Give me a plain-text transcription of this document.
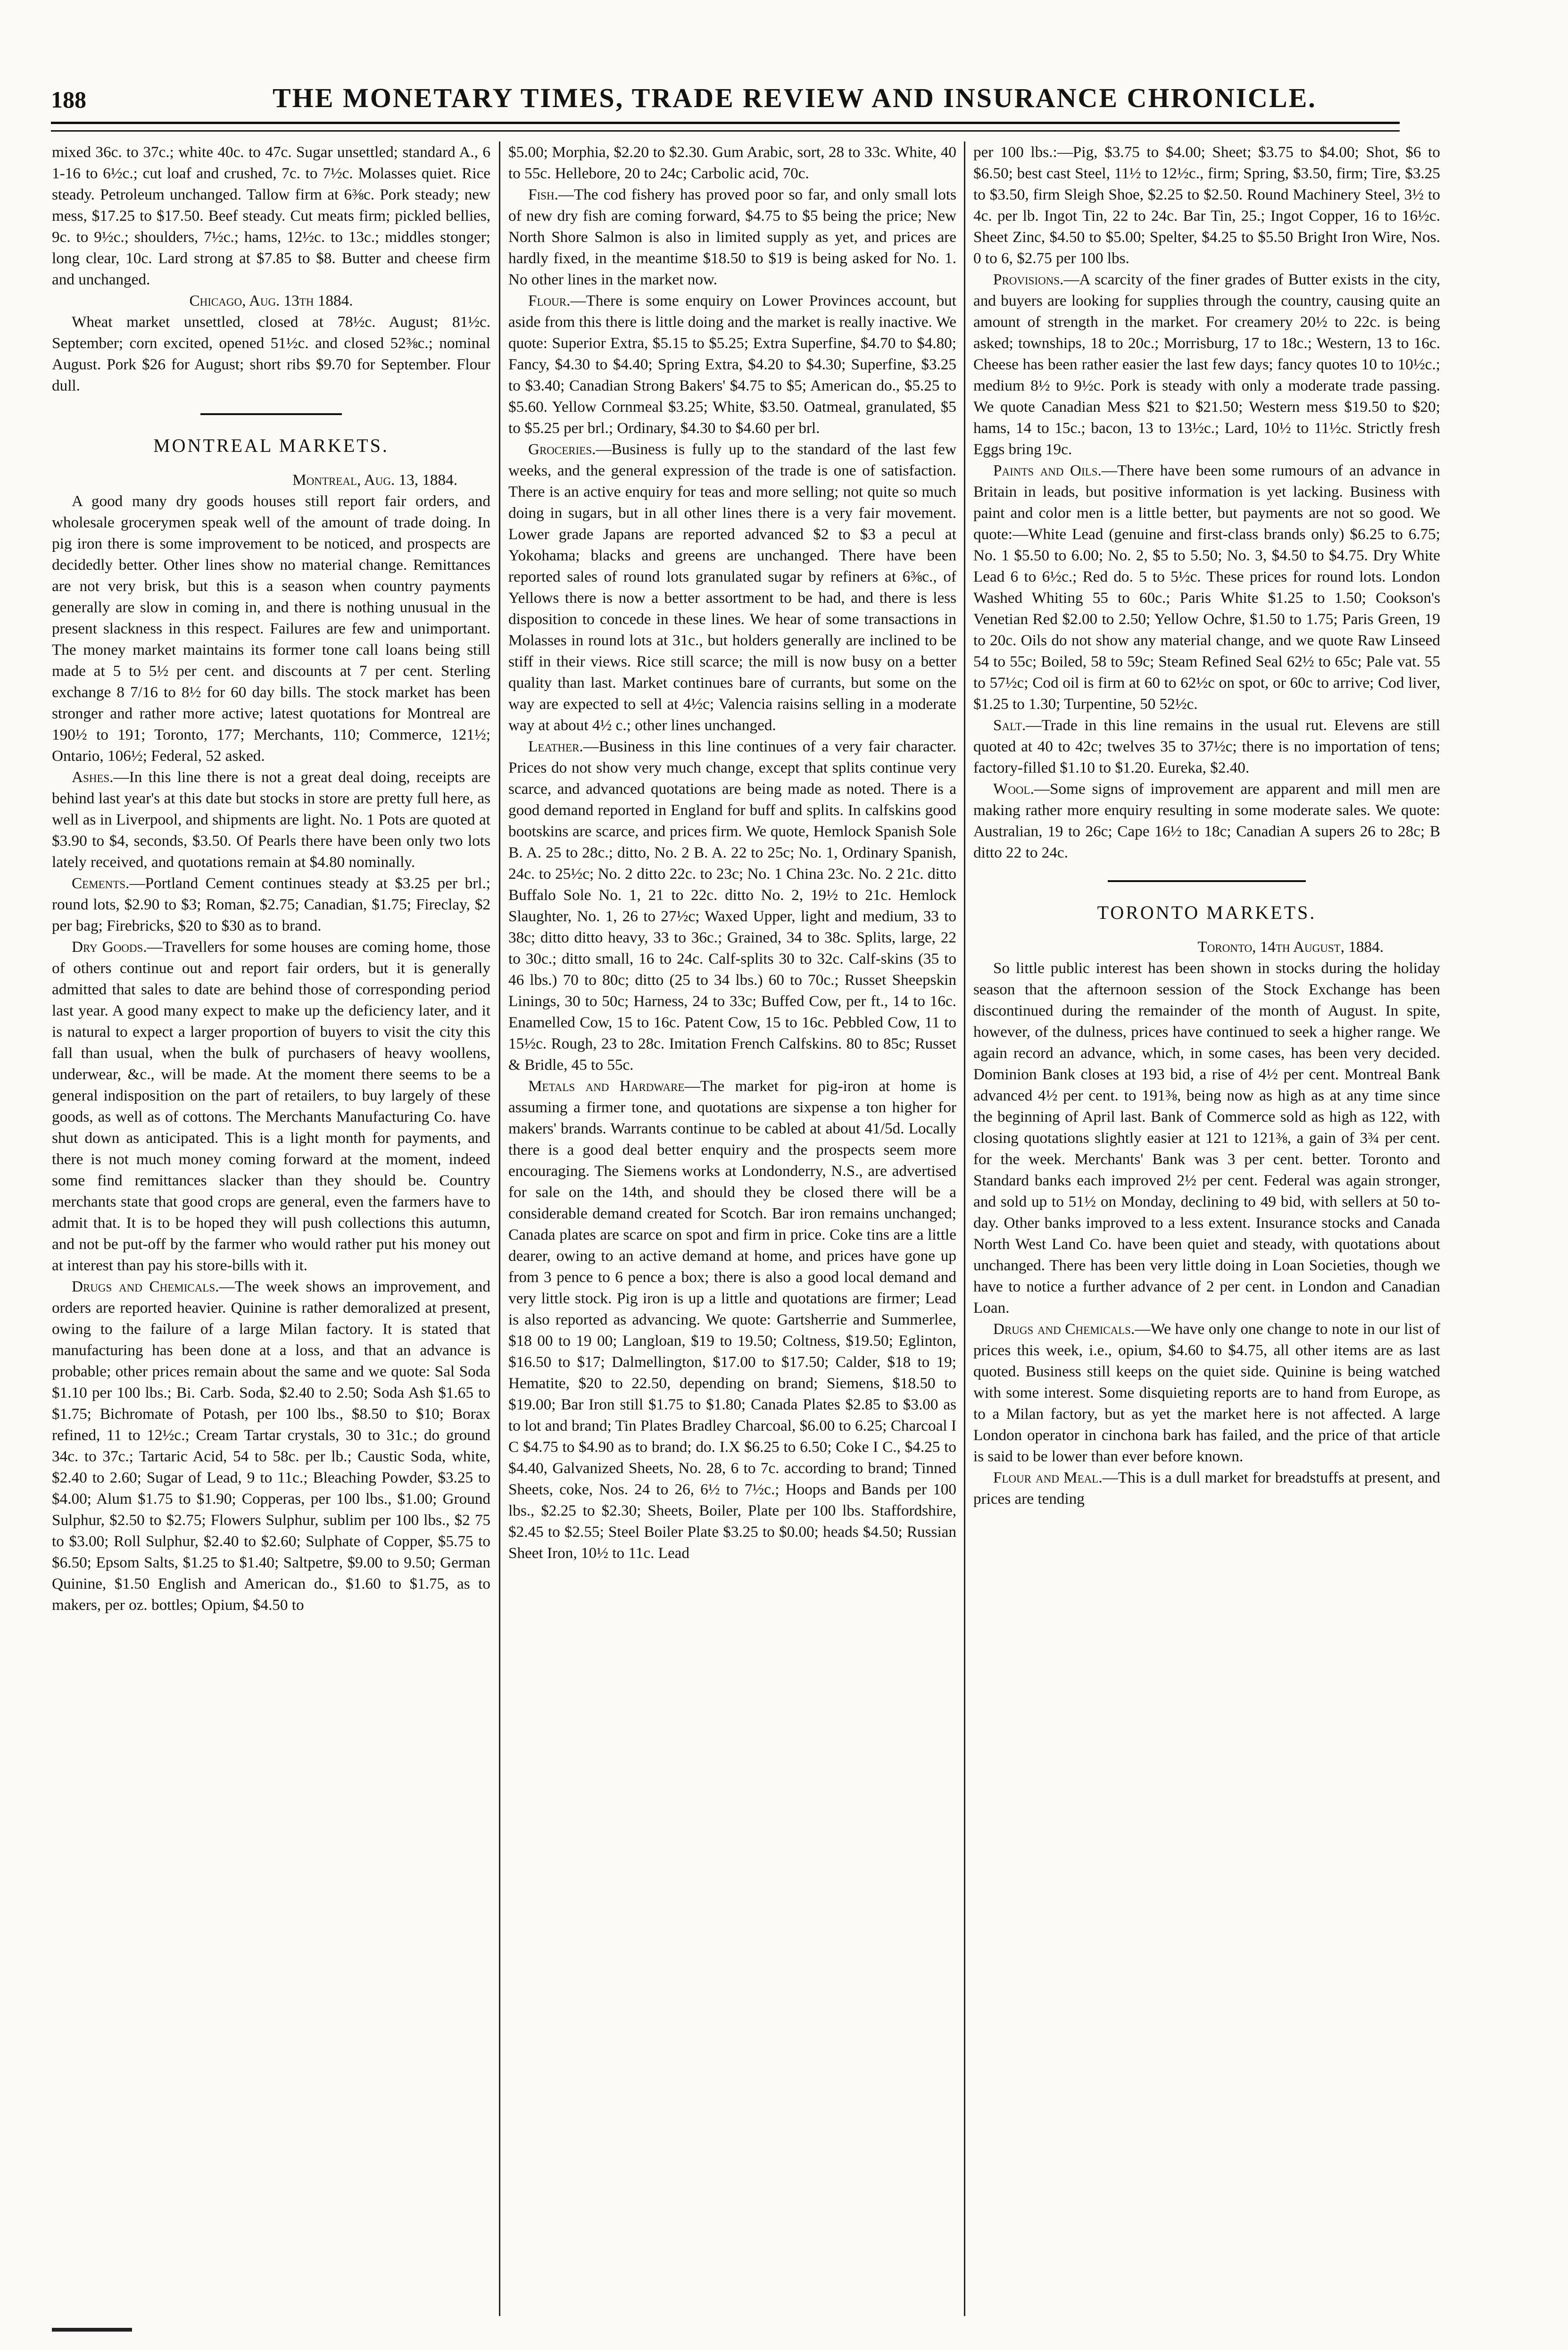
188	THE MONETARY TIMES, TRADE REVIEW AND INSURANCE CHRONICLE.

mixed 36c. to 37c.; white 40c. to 47c. Sugar unsettled; standard A., 6 1-16 to 6½c.; cut loaf and crushed, 7c. to 7½c. Molasses quiet. Rice steady. Petroleum unchanged. Tallow firm at 6⅜c. Pork steady; new mess, $17.25 to $17.50. Beef steady. Cut meats firm; pickled bellies, 9c. to 9½c.; shoulders, 7½c.; hams, 12½c. to 13c.; middles stonger; long clear, 10c. Lard strong at $7.85 to $8. Butter and cheese firm and unchanged.

Chicago, Aug. 13th 1884.

Wheat market unsettled, closed at 78½c. August; 81½c. September; corn excited, opened 51½c. and closed 52⅜c.; nominal August. Pork $26 for August; short ribs $9.70 for September. Flour dull.

MONTREAL MARKETS.

Montreal, Aug. 13, 1884.

A good many dry goods houses still report fair orders, and wholesale grocerymen speak well of the amount of trade doing. In pig iron there is some improvement to be noticed, and prospects are decidedly better. Other lines show no material change. Remittances are not very brisk, but this is a season when country payments generally are slow in coming in, and there is nothing unusual in the present slackness in this respect. Failures are few and unimportant. The money market maintains its former tone call loans being still made at 5 to 5½ per cent. and discounts at 7 per cent. Sterling exchange 8 7/16 to 8½ for 60 day bills. The stock market has been stronger and rather more active; latest quotations for Montreal are 190½ to 191; Toronto, 177; Merchants, 110; Commerce, 121½; Ontario, 106½; Federal, 52 asked.

Ashes.—In this line there is not a great deal doing, receipts are behind last year's at this date but stocks in store are pretty full here, as well as in Liverpool, and shipments are light. No. 1 Pots are quoted at $3.90 to $4, seconds, $3.50. Of Pearls there have been only two lots lately received, and quotations remain at $4.80 nominally.

Cements.—Portland Cement continues steady at $3.25 per brl.; round lots, $2.90 to $3; Roman, $2.75; Canadian, $1.75; Fireclay, $2 per bag; Firebricks, $20 to $30 as to brand.

Dry Goods.—Travellers for some houses are coming home, those of others continue out and report fair orders, but it is generally admitted that sales to date are behind those of corresponding period last year. A good many expect to make up the deficiency later, and it is natural to expect a larger proportion of buyers to visit the city this fall than usual, when the bulk of purchasers of heavy woollens, underwear, &c., will be made. At the moment there seems to be a general indisposition on the part of retailers, to buy largely of these goods, as well as of cottons. The Merchants Manufacturing Co. have shut down as anticipated. This is a light month for payments, and there is not much money coming forward at the moment, indeed some find remittances slacker than they should be. Country merchants state that good crops are general, even the farmers have to admit that. It is to be hoped they will push collections this autumn, and not be put-off by the farmer who would rather put his money out at interest than pay his store-bills with it.

Drugs and Chemicals.—The week shows an improvement, and orders are reported heavier. Quinine is rather demoralized at present, owing to the failure of a large Milan factory. It is stated that manufacturing has been done at a loss, and that an advance is probable; other prices remain about the same and we quote: Sal Soda $1.10 per 100 lbs.; Bi. Carb. Soda, $2.40 to 2.50; Soda Ash $1.65 to $1.75; Bichromate of Potash, per 100 lbs., $8.50 to $10; Borax refined, 11 to 12½c.; Cream Tartar crystals, 30 to 31c.; do ground 34c. to 37c.; Tartaric Acid, 54 to 58c. per lb.; Caustic Soda, white, $2.40 to 2.60; Sugar of Lead, 9 to 11c.; Bleaching Powder, $3.25 to $4.00; Alum $1.75 to $1.90; Copperas, per 100 lbs., $1.00; Ground Sulphur, $2.50 to $2.75; Flowers Sulphur, sublim per 100 lbs., $2 75 to $3.00; Roll Sulphur, $2.40 to $2.60; Sulphate of Copper, $5.75 to $6.50; Epsom Salts, $1.25 to $1.40; Saltpetre, $9.00 to 9.50; German Quinine, $1.50 English and American do., $1.60 to $1.75, as to makers, per oz. bottles; Opium, $4.50 to

$5.00; Morphia, $2.20 to $2.30. Gum Arabic, sort, 28 to 33c. White, 40 to 55c. Hellebore, 20 to 24c; Carbolic acid, 70c.

Fish.—The cod fishery has proved poor so far, and only small lots of new dry fish are coming forward, $4.75 to $5 being the price; New North Shore Salmon is also in limited supply as yet, and prices are hardly fixed, in the meantime $18.50 to $19 is being asked for No. 1. No other lines in the market now.

Flour.—There is some enquiry on Lower Provinces account, but aside from this there is little doing and the market is really inactive. We quote: Superior Extra, $5.15 to $5.25; Extra Superfine, $4.70 to $4.80; Fancy, $4.30 to $4.40; Spring Extra, $4.20 to $4.30; Superfine, $3.25 to $3.40; Canadian Strong Bakers' $4.75 to $5; American do., $5.25 to $5.60. Yellow Cornmeal $3.25; White, $3.50. Oatmeal, granulated, $5 to $5.25 per brl.; Ordinary, $4.30 to $4.60 per brl.

Groceries.—Business is fully up to the standard of the last few weeks, and the general expression of the trade is one of satisfaction. There is an active enquiry for teas and more selling; not quite so much doing in sugars, but in all other lines there is a very fair movement. Lower grade Japans are reported advanced $2 to $3 a pecul at Yokohama; blacks and greens are unchanged. There have been reported sales of round lots granulated sugar by refiners at 6⅜c., of Yellows there is now a better assortment to be had, and there is less disposition to concede in these lines. We hear of some transactions in Molasses in round lots at 31c., but holders generally are inclined to be stiff in their views. Rice still scarce; the mill is now busy on a better quality than last. Market continues bare of currants, but some on the way are expected to sell at 4½c; Valencia raisins selling in a moderate way at about 4½ c.; other lines unchanged.

Leather.—Business in this line continues of a very fair character. Prices do not show very much change, except that splits continue very scarce, and advanced quotations are being made as noted. There is a good demand reported in England for buff and splits. In calfskins good bootskins are scarce, and prices firm. We quote, Hemlock Spanish Sole B. A. 25 to 28c.; ditto, No. 2 B. A. 22 to 25c; No. 1, Ordinary Spanish, 24c. to 25½c; No. 2 ditto 22c. to 23c; No. 1 China 23c. No. 2 21c. ditto Buffalo Sole No. 1, 21 to 22c. ditto No. 2, 19½ to 21c. Hemlock Slaughter, No. 1, 26 to 27½c; Waxed Upper, light and medium, 33 to 38c; ditto ditto heavy, 33 to 36c.; Grained, 34 to 38c. Splits, large, 22 to 30c.; ditto small, 16 to 24c. Calf-splits 30 to 32c. Calf-skins (35 to 46 lbs.) 70 to 80c; ditto (25 to 34 lbs.) 60 to 70c.; Russet Sheepskin Linings, 30 to 50c; Harness, 24 to 33c; Buffed Cow, per ft., 14 to 16c. Enamelled Cow, 15 to 16c. Patent Cow, 15 to 16c. Pebbled Cow, 11 to 15½c. Rough, 23 to 28c. Imitation French Calfskins. 80 to 85c; Russet & Bridle, 45 to 55c.

Metals and Hardware—The market for pig-iron at home is assuming a firmer tone, and quotations are sixpense a ton higher for makers' brands. Warrants continue to be cabled at about 41/5d. Locally there is a good deal better enquiry and the prospects seem more encouraging. The Siemens works at Londonderry, N.S., are advertised for sale on the 14th, and should they be closed there will be a considerable demand created for Scotch. Bar iron remains unchanged; Canada plates are scarce on spot and firm in price. Coke tins are a little dearer, owing to an active demand at home, and prices have gone up from 3 pence to 6 pence a box; there is also a good local demand and very little stock. Pig iron is up a little and quotations are firmer; Lead is also reported as advancing. We quote: Gartsherrie and Summerlee, $18 00 to 19 00; Langloan, $19 to 19.50; Coltness, $19.50; Eglinton, $16.50 to $17; Dalmellington, $17.00 to $17.50; Calder, $18 to 19; Hematite, $20 to 22.50, depending on brand; Siemens, $18.50 to $19.00; Bar Iron still $1.75 to $1.80; Canada Plates $2.85 to $3.00 as to lot and brand; Tin Plates Bradley Charcoal, $6.00 to 6.25; Charcoal I C $4.75 to $4.90 as to brand; do. I.X $6.25 to 6.50; Coke I C., $4.25 to $4.40, Galvanized Sheets, No. 28, 6 to 7c. according to brand; Tinned Sheets, coke, Nos. 24 to 26, 6½ to 7½c.; Hoops and Bands per 100 lbs., $2.25 to $2.30; Sheets, Boiler, Plate per 100 lbs. Staffordshire, $2.45 to $2.55; Steel Boiler Plate $3.25 to $0.00; heads $4.50; Russian Sheet Iron, 10½ to 11c. Lead

per 100 lbs.:—Pig, $3.75 to $4.00; Sheet; $3.75 to $4.00; Shot, $6 to $6.50; best cast Steel, 11½ to 12½c., firm; Spring, $3.50, firm; Tire, $3.25 to $3.50, firm Sleigh Shoe, $2.25 to $2.50. Round Machinery Steel, 3½ to 4c. per lb. Ingot Tin, 22 to 24c. Bar Tin, 25.; Ingot Copper, 16 to 16½c. Sheet Zinc, $4.50 to $5.00; Spelter, $4.25 to $5.50 Bright Iron Wire, Nos. 0 to 6, $2.75 per 100 lbs.

Provisions.—A scarcity of the finer grades of Butter exists in the city, and buyers are looking for supplies through the country, causing quite an amount of strength in the market. For creamery 20½ to 22c. is being asked; townships, 18 to 20c.; Morrisburg, 17 to 18c.; Western, 13 to 16c. Cheese has been rather easier the last few days; fancy quotes 10 to 10½c.; medium 8½ to 9½c. Pork is steady with only a moderate trade passing. We quote Canadian Mess $21 to $21.50; Western mess $19.50 to $20; hams, 14 to 15c.; bacon, 13 to 13½c.; Lard, 10½ to 11½c. Strictly fresh Eggs bring 19c.

Paints and Oils.—There have been some rumours of an advance in Britain in leads, but positive information is yet lacking. Business with paint and color men is a little better, but payments are not so good. We quote:—White Lead (genuine and first-class brands only) $6.25 to 6.75; No. 1 $5.50 to 6.00; No. 2, $5 to 5.50; No. 3, $4.50 to $4.75. Dry White Lead 6 to 6½c.; Red do. 5 to 5½c. These prices for round lots. London Washed Whiting 55 to 60c.; Paris White $1.25 to 1.50; Cookson's Venetian Red $2.00 to 2.50; Yellow Ochre, $1.50 to 1.75; Paris Green, 19 to 20c. Oils do not show any material change, and we quote Raw Linseed 54 to 55c; Boiled, 58 to 59c; Steam Refined Seal 62½ to 65c; Pale vat. 55 to 57½c; Cod oil is firm at 60 to 62½c on spot, or 60c to arrive; Cod liver, $1.25 to 1.30; Turpentine, 50 52½c.

Salt.—Trade in this line remains in the usual rut. Elevens are still quoted at 40 to 42c; twelves 35 to 37½c; there is no importation of tens; factory-filled $1.10 to $1.20. Eureka, $2.40.

Wool.—Some signs of improvement are apparent and mill men are making rather more enquiry resulting in some moderate sales. We quote: Australian, 19 to 26c; Cape 16½ to 18c; Canadian A supers 26 to 28c; B ditto 22 to 24c.

TORONTO MARKETS.

Toronto, 14th August, 1884.

So little public interest has been shown in stocks during the holiday season that the afternoon session of the Stock Exchange has been discontinued during the remainder of the month of August. In spite, however, of the dulness, prices have continued to seek a higher range. We again record an advance, which, in some cases, has been very decided. Dominion Bank closes at 193 bid, a rise of 4½ per cent. Montreal Bank advanced 4½ per cent. to 191⅜, being now as high as at any time since the beginning of April last. Bank of Commerce sold as high as 122, with closing quotations slightly easier at 121 to 121⅜, a gain of 3¾ per cent. for the week. Merchants' Bank was 3 per cent. better. Toronto and Standard banks each improved 2½ per cent. Federal was again stronger, and sold up to 51½ on Monday, declining to 49 bid, with sellers at 50 to-day. Other banks improved to a less extent. Insurance stocks and Canada North West Land Co. have been quiet and steady, with quotations about unchanged. There has been very little doing in Loan Societies, though we have to notice a further advance of 2 per cent. in London and Canadian Loan.

Drugs and Chemicals.—We have only one change to note in our list of prices this week, i.e., opium, $4.60 to $4.75, all other items are as last quoted. Business still keeps on the quiet side. Quinine is being watched with some interest. Some disquieting reports are to hand from Europe, as to a Milan factory, but as yet the market here is not affected. A large London operator in cinchona bark has failed, and the price of that article is said to be lower than ever before known.

Flour and Meal.—This is a dull market for breadstuffs at present, and prices are tending
